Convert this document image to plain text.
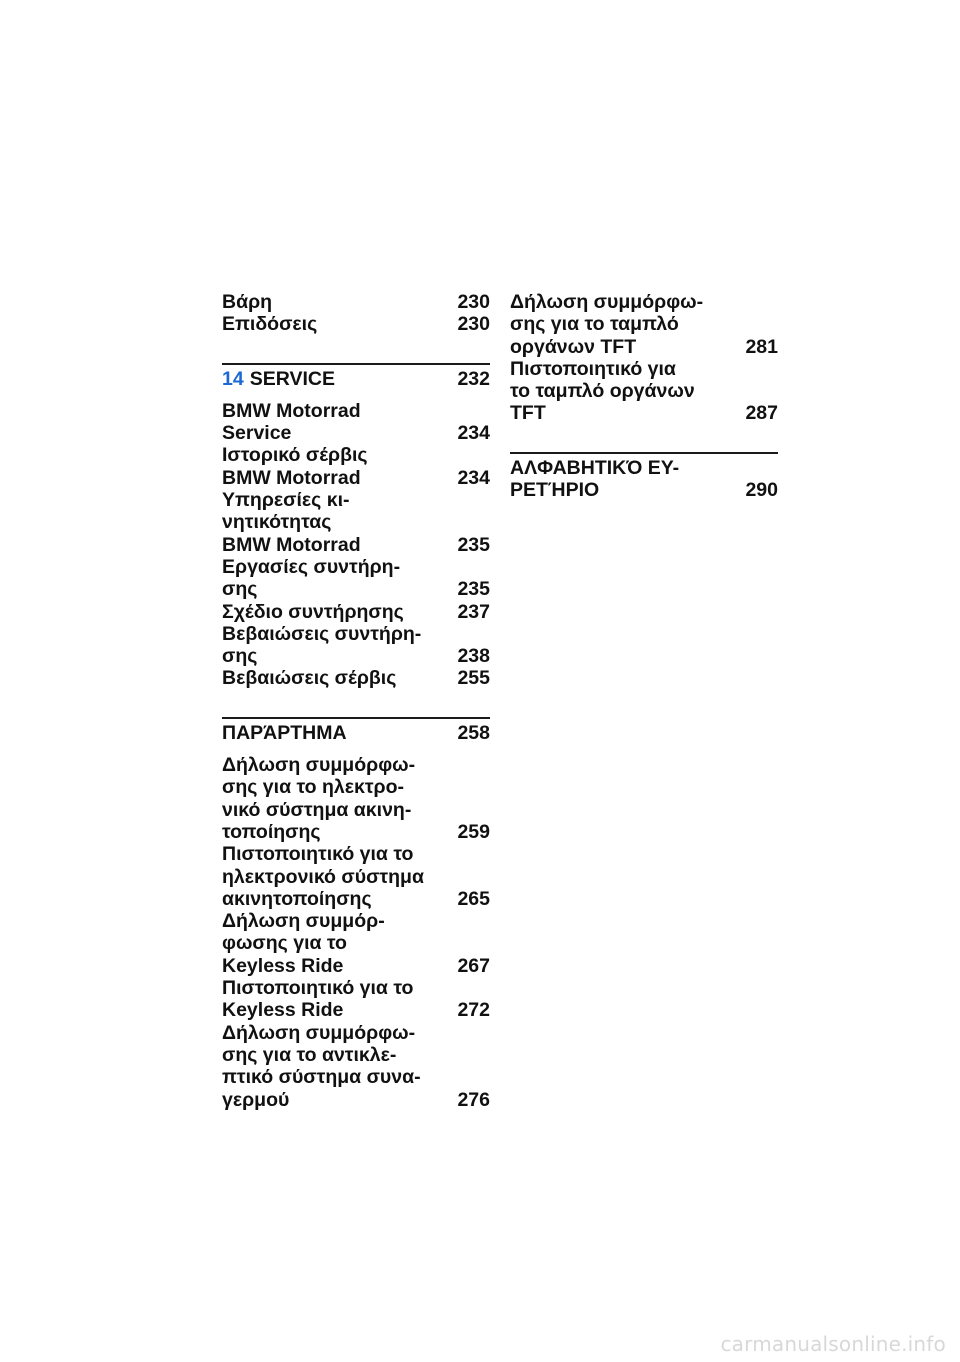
Βάρη	230
Επιδόσεις	230
14 SERVICE	232
BMW Motorrad
Service	234
Ιστορικό σέρβις
BMW Motorrad	234
Υπηρεσίες κι-
νητικότητας
BMW Motorrad	235
Εργασίες συντήρη-
σης	235
Σχέδιο συντήρησης	237
Βεβαιώσεις συντήρη-
σης	238
Βεβαιώσεις σέρβις	255
ΠΑΡΆΡΤΗΜΑ	258
Δήλωση συμμόρφω-
σης για το ηλεκτρο-
νικό σύστημα ακινη-
τοποίησης	259
Πιστοποιητικό για το
ηλεκτρονικό σύστημα
ακινητοποίησης	265
Δήλωση συμμόρ-
φωσης για το
Keyless Ride	267
Πιστοποιητικό για το
Keyless Ride	272
Δήλωση συμμόρφω-
σης για το αντικλε-
πτικό σύστημα συνα-
γερμού	276
Δήλωση συμμόρφω-
σης για το ταμπλό
οργάνων TFT	281
Πιστοποιητικό για
το ταμπλό οργάνων
TFT	287
ΑΛΦΑΒΗΤΙΚΌ ΕΥ-
ΡΕΤΉΡΙΟ	290
carmanualsonline.info
